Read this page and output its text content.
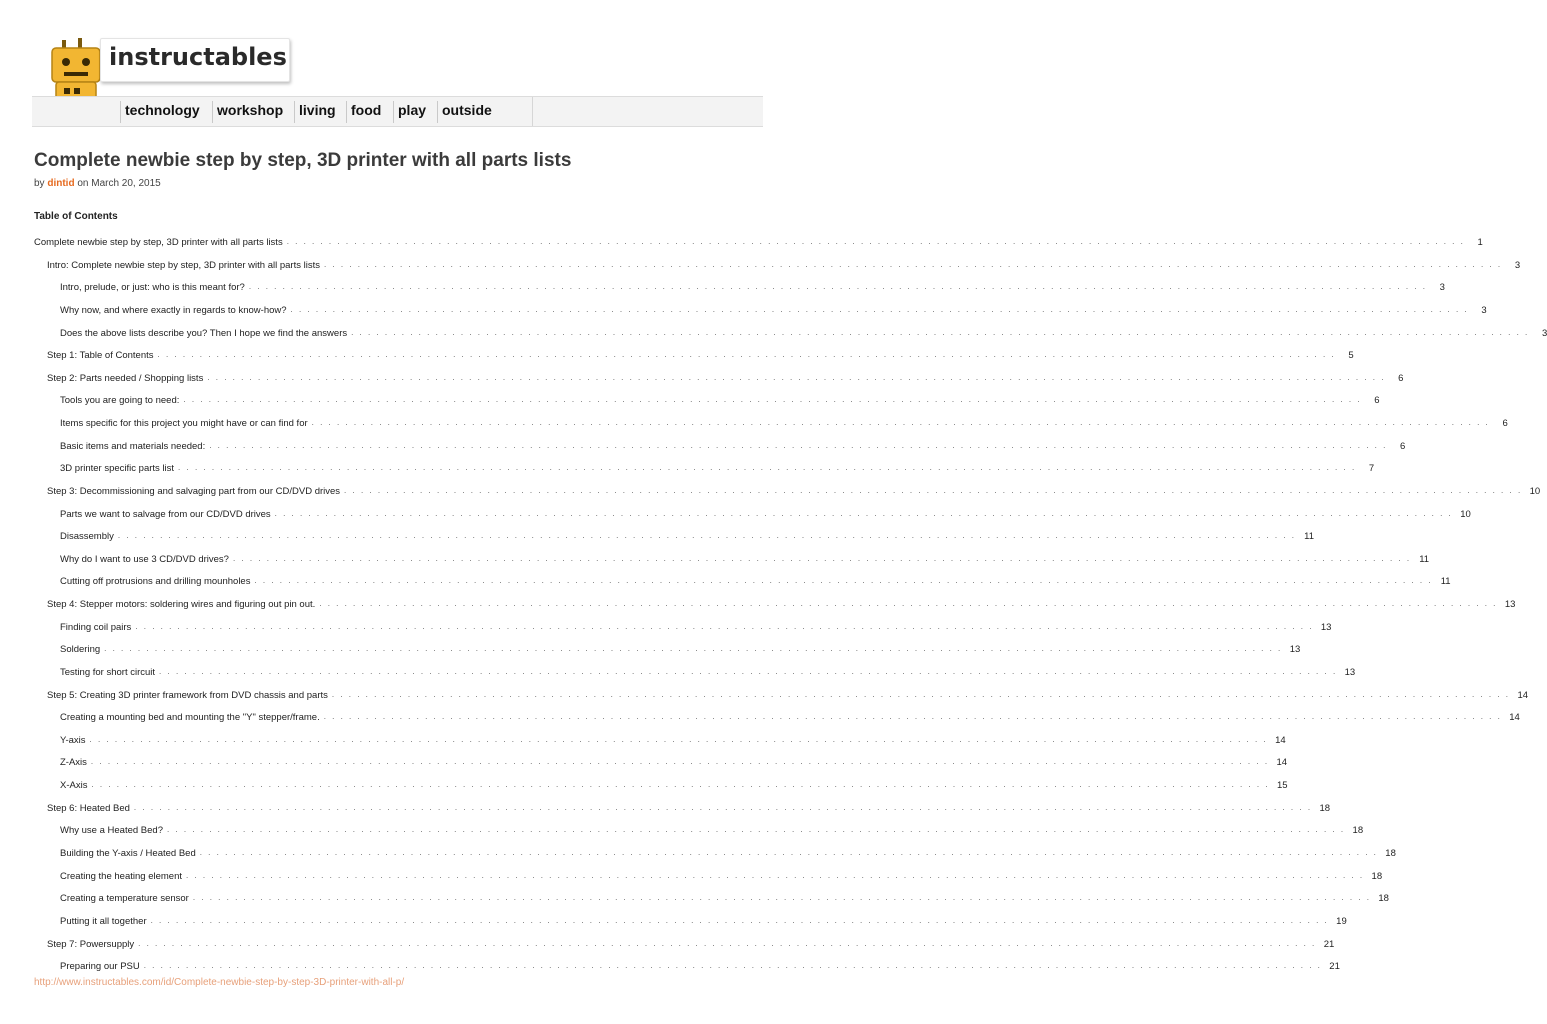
instructables
technology	workshop	living	food	play	outside
Complete newbie step by step, 3D printer with all parts lists
by dintid on March 20, 2015
Table of Contents
Complete newbie step by step, 3D printer with all parts lists . . . . . . . . . . . . . . . . . . . . . . . . . . . . . . . . . . . . . . . . . . . . . . . . . . . . . . . . . . . . . . . . . . . . . . . . . . . . . . . . . . . . . . . . . . . . . . . . . . . . . . . . . . . . . . . . . . . . . . . . . . . . . . . . . . . . . . . . . . . .	1
Intro: Complete newbie step by step, 3D printer with all parts lists . . . . . . . . . . . . . . . . . . . . . . . . . . . . . . . . . . . . . . . . . . . . . . . . . . . . . . . . . . . . . . . . . . . . . . . . . . . . . . . . . . . . . . . . . . . . . . . . . . . . . . . . . . . . . . . . . . . . . . . . . . . . . . . . . . . . . . . . . . . .	3
Intro, prelude, or just: who is this meant for? . . . . . . . . . . . . . . . . . . . . . . . . . . . . . . . . . . . . . . . . . . . . . . . . . . . . . . . . . . . . . . . . . . . . . . . . . . . . . . . . . . . . . . . . . . . . . . . . . . . . . . . . . . . . . . . . . . . . . . . . . . . . . . . . . . . . . . . . . . . .	3
Why now, and where exactly in regards to know-how? . . . . . . . . . . . . . . . . . . . . . . . . . . . . . . . . . . . . . . . . . . . . . . . . . . . . . . . . . . . . . . . . . . . . . . . . . . . . . . . . . . . . . . . . . . . . . . . . . . . . . . . . . . . . . . . . . . . . . . . . . . . . . . . . . . . . . . . . . . . .	3
Does the above lists describe you? Then I hope we find the answers . . . . . . . . . . . . . . . . . . . . . . . . . . . . . . . . . . . . . . . . . . . . . . . . . . . . . . . . . . . . . . . . . . . . . . . . . . . . . . . . . . . . . . . . . . . . . . . . . . . . . . . . . . . . . . . . . . . . . . . . . . . . . . . . . . . . . . . . . . . .	3
Step 1: Table of Contents . . . . . . . . . . . . . . . . . . . . . . . . . . . . . . . . . . . . . . . . . . . . . . . . . . . . . . . . . . . . . . . . . . . . . . . . . . . . . . . . . . . . . . . . . . . . . . . . . . . . . . . . . . . . . . . . . . . . . . . . . . . . . . . . . . . . . . . . . . . .	5
Step 2: Parts needed / Shopping lists . . . . . . . . . . . . . . . . . . . . . . . . . . . . . . . . . . . . . . . . . . . . . . . . . . . . . . . . . . . . . . . . . . . . . . . . . . . . . . . . . . . . . . . . . . . . . . . . . . . . . . . . . . . . . . . . . . . . . . . . . . . . . . . . . . . . . . . . . . . .	6
Tools you are going to need: . . . . . . . . . . . . . . . . . . . . . . . . . . . . . . . . . . . . . . . . . . . . . . . . . . . . . . . . . . . . . . . . . . . . . . . . . . . . . . . . . . . . . . . . . . . . . . . . . . . . . . . . . . . . . . . . . . . . . . . . . . . . . . . . . . . . . . . . . . . .	6
Items specific for this project you might have or can find for . . . . . . . . . . . . . . . . . . . . . . . . . . . . . . . . . . . . . . . . . . . . . . . . . . . . . . . . . . . . . . . . . . . . . . . . . . . . . . . . . . . . . . . . . . . . . . . . . . . . . . . . . . . . . . . . . . . . . . . . . . . . . . . . . . . . . . . . . . . .	6
Basic items and materials needed: . . . . . . . . . . . . . . . . . . . . . . . . . . . . . . . . . . . . . . . . . . . . . . . . . . . . . . . . . . . . . . . . . . . . . . . . . . . . . . . . . . . . . . . . . . . . . . . . . . . . . . . . . . . . . . . . . . . . . . . . . . . . . . . . . . . . . . . . . . . .	6
3D printer specific parts list . . . . . . . . . . . . . . . . . . . . . . . . . . . . . . . . . . . . . . . . . . . . . . . . . . . . . . . . . . . . . . . . . . . . . . . . . . . . . . . . . . . . . . . . . . . . . . . . . . . . . . . . . . . . . . . . . . . . . . . . . . . . . . . . . . . . . . . . . . . .	7
Step 3: Decommissioning and salvaging part from our CD/DVD drives . . . . . . . . . . . . . . . . . . . . . . . . . . . . . . . . . . . . . . . . . . . . . . . . . . . . . . . . . . . . . . . . . . . . . . . . . . . . . . . . . . . . . . . . . . . . . . . . . . . . . . . . . . . . . . . . . . . . . . . . . . . . . . . . . . . . . . . . . . . . 10
Parts we want to salvage from our CD/DVD drives . . . . . . . . . . . . . . . . . . . . . . . . . . . . . . . . . . . . . . . . . . . . . . . . . . . . . . . . . . . . . . . . . . . . . . . . . . . . . . . . . . . . . . . . . . . . . . . . . . . . . . . . . . . . . . . . . . . . . . . . . . . . . . . . . . . . . . . . . . . . 10
Disassembly . . . . . . . . . . . . . . . . . . . . . . . . . . . . . . . . . . . . . . . . . . . . . . . . . . . . . . . . . . . . . . . . . . . . . . . . . . . . . . . . . . . . . . . . . . . . . . . . . . . . . . . . . . . . . . . . . . . . . . . . . . . . . . . . . . . . . . . . . . . . 11
Why do I want to use 3 CD/DVD drives? . . . . . . . . . . . . . . . . . . . . . . . . . . . . . . . . . . . . . . . . . . . . . . . . . . . . . . . . . . . . . . . . . . . . . . . . . . . . . . . . . . . . . . . . . . . . . . . . . . . . . . . . . . . . . . . . . . . . . . . . . . . . . . . . . . . . . . . . . . . . 11
Cutting off protrusions and drilling mounholes . . . . . . . . . . . . . . . . . . . . . . . . . . . . . . . . . . . . . . . . . . . . . . . . . . . . . . . . . . . . . . . . . . . . . . . . . . . . . . . . . . . . . . . . . . . . . . . . . . . . . . . . . . . . . . . . . . . . . . . . . . . . . . . . . . . . . . . . . . . . 11
Step 4: Stepper motors: soldering wires and figuring out pin out. . . . . . . . . . . . . . . . . . . . . . . . . . . . . . . . . . . . . . . . . . . . . . . . . . . . . . . . . . . . . . . . . . . . . . . . . . . . . . . . . . . . . . . . . . . . . . . . . . . . . . . . . . . . . . . . . . . . . . . . . . . . . . . . . . . . . . . . . . . . . 13
Finding coil pairs . . . . . . . . . . . . . . . . . . . . . . . . . . . . . . . . . . . . . . . . . . . . . . . . . . . . . . . . . . . . . . . . . . . . . . . . . . . . . . . . . . . . . . . . . . . . . . . . . . . . . . . . . . . . . . . . . . . . . . . . . . . . . . . . . . . . . . . . . . . . 13
Soldering . . . . . . . . . . . . . . . . . . . . . . . . . . . . . . . . . . . . . . . . . . . . . . . . . . . . . . . . . . . . . . . . . . . . . . . . . . . . . . . . . . . . . . . . . . . . . . . . . . . . . . . . . . . . . . . . . . . . . . . . . . . . . . . . . . . . . . . . . . . . 13
Testing for short circuit . . . . . . . . . . . . . . . . . . . . . . . . . . . . . . . . . . . . . . . . . . . . . . . . . . . . . . . . . . . . . . . . . . . . . . . . . . . . . . . . . . . . . . . . . . . . . . . . . . . . . . . . . . . . . . . . . . . . . . . . . . . . . . . . . . . . . . . . . . . . 13
Step 5: Creating 3D printer framework from DVD chassis and parts . . . . . . . . . . . . . . . . . . . . . . . . . . . . . . . . . . . . . . . . . . . . . . . . . . . . . . . . . . . . . . . . . . . . . . . . . . . . . . . . . . . . . . . . . . . . . . . . . . . . . . . . . . . . . . . . . . . . . . . . . . . . . . . . . . . . . . . . . . . . 14
Creating a mounting bed and mounting the "Y" stepper/frame. . . . . . . . . . . . . . . . . . . . . . . . . . . . . . . . . . . . . . . . . . . . . . . . . . . . . . . . . . . . . . . . . . . . . . . . . . . . . . . . . . . . . . . . . . . . . . . . . . . . . . . . . . . . . . . . . . . . . . . . . . . . . . . . . . . . . . . . . . . . . 14
Y-axis . . . . . . . . . . . . . . . . . . . . . . . . . . . . . . . . . . . . . . . . . . . . . . . . . . . . . . . . . . . . . . . . . . . . . . . . . . . . . . . . . . . . . . . . . . . . . . . . . . . . . . . . . . . . . . . . . . . . . . . . . . . . . . . . . . . . . . . . . . . . 14
Z-Axis . . . . . . . . . . . . . . . . . . . . . . . . . . . . . . . . . . . . . . . . . . . . . . . . . . . . . . . . . . . . . . . . . . . . . . . . . . . . . . . . . . . . . . . . . . . . . . . . . . . . . . . . . . . . . . . . . . . . . . . . . . . . . . . . . . . . . . . . . . . . 14
X-Axis . . . . . . . . . . . . . . . . . . . . . . . . . . . . . . . . . . . . . . . . . . . . . . . . . . . . . . . . . . . . . . . . . . . . . . . . . . . . . . . . . . . . . . . . . . . . . . . . . . . . . . . . . . . . . . . . . . . . . . . . . . . . . . . . . . . . . . . . . . . . 15
Step 6: Heated Bed . . . . . . . . . . . . . . . . . . . . . . . . . . . . . . . . . . . . . . . . . . . . . . . . . . . . . . . . . . . . . . . . . . . . . . . . . . . . . . . . . . . . . . . . . . . . . . . . . . . . . . . . . . . . . . . . . . . . . . . . . . . . . . . . . . . . . . . . . . . . 18
Why use a Heated Bed? . . . . . . . . . . . . . . . . . . . . . . . . . . . . . . . . . . . . . . . . . . . . . . . . . . . . . . . . . . . . . . . . . . . . . . . . . . . . . . . . . . . . . . . . . . . . . . . . . . . . . . . . . . . . . . . . . . . . . . . . . . . . . . . . . . . . . . . . . . . . 18
Building the Y-axis / Heated Bed . . . . . . . . . . . . . . . . . . . . . . . . . . . . . . . . . . . . . . . . . . . . . . . . . . . . . . . . . . . . . . . . . . . . . . . . . . . . . . . . . . . . . . . . . . . . . . . . . . . . . . . . . . . . . . . . . . . . . . . . . . . . . . . . . . . . . . . . . . . . 18
Creating the heating element . . . . . . . . . . . . . . . . . . . . . . . . . . . . . . . . . . . . . . . . . . . . . . . . . . . . . . . . . . . . . . . . . . . . . . . . . . . . . . . . . . . . . . . . . . . . . . . . . . . . . . . . . . . . . . . . . . . . . . . . . . . . . . . . . . . . . . . . . . . . 18
Creating a temperature sensor . . . . . . . . . . . . . . . . . . . . . . . . . . . . . . . . . . . . . . . . . . . . . . . . . . . . . . . . . . . . . . . . . . . . . . . . . . . . . . . . . . . . . . . . . . . . . . . . . . . . . . . . . . . . . . . . . . . . . . . . . . . . . . . . . . . . . . . . . . . . 18
Putting it all together . . . . . . . . . . . . . . . . . . . . . . . . . . . . . . . . . . . . . . . . . . . . . . . . . . . . . . . . . . . . . . . . . . . . . . . . . . . . . . . . . . . . . . . . . . . . . . . . . . . . . . . . . . . . . . . . . . . . . . . . . . . . . . . . . . . . . . . . . . . . 19
Step 7: Powersupply . . . . . . . . . . . . . . . . . . . . . . . . . . . . . . . . . . . . . . . . . . . . . . . . . . . . . . . . . . . . . . . . . . . . . . . . . . . . . . . . . . . . . . . . . . . . . . . . . . . . . . . . . . . . . . . . . . . . . . . . . . . . . . . . . . . . . . . . . . . . 21
Preparing our PSU . . . . . . . . . . . . . . . . . . . . . . . . . . . . . . . . . . . . . . . . . . . . . . . . . . . . . . . . . . . . . . . . . . . . . . . . . . . . . . . . . . . . . . . . . . . . . . . . . . . . . . . . . . . . . . . . . . . . . . . . . . . . . . . . . . . . . . . . . . . . 21
http://www.instructables.com/id/Complete-newbie-step-by-step-3D-printer-with-all-p/
